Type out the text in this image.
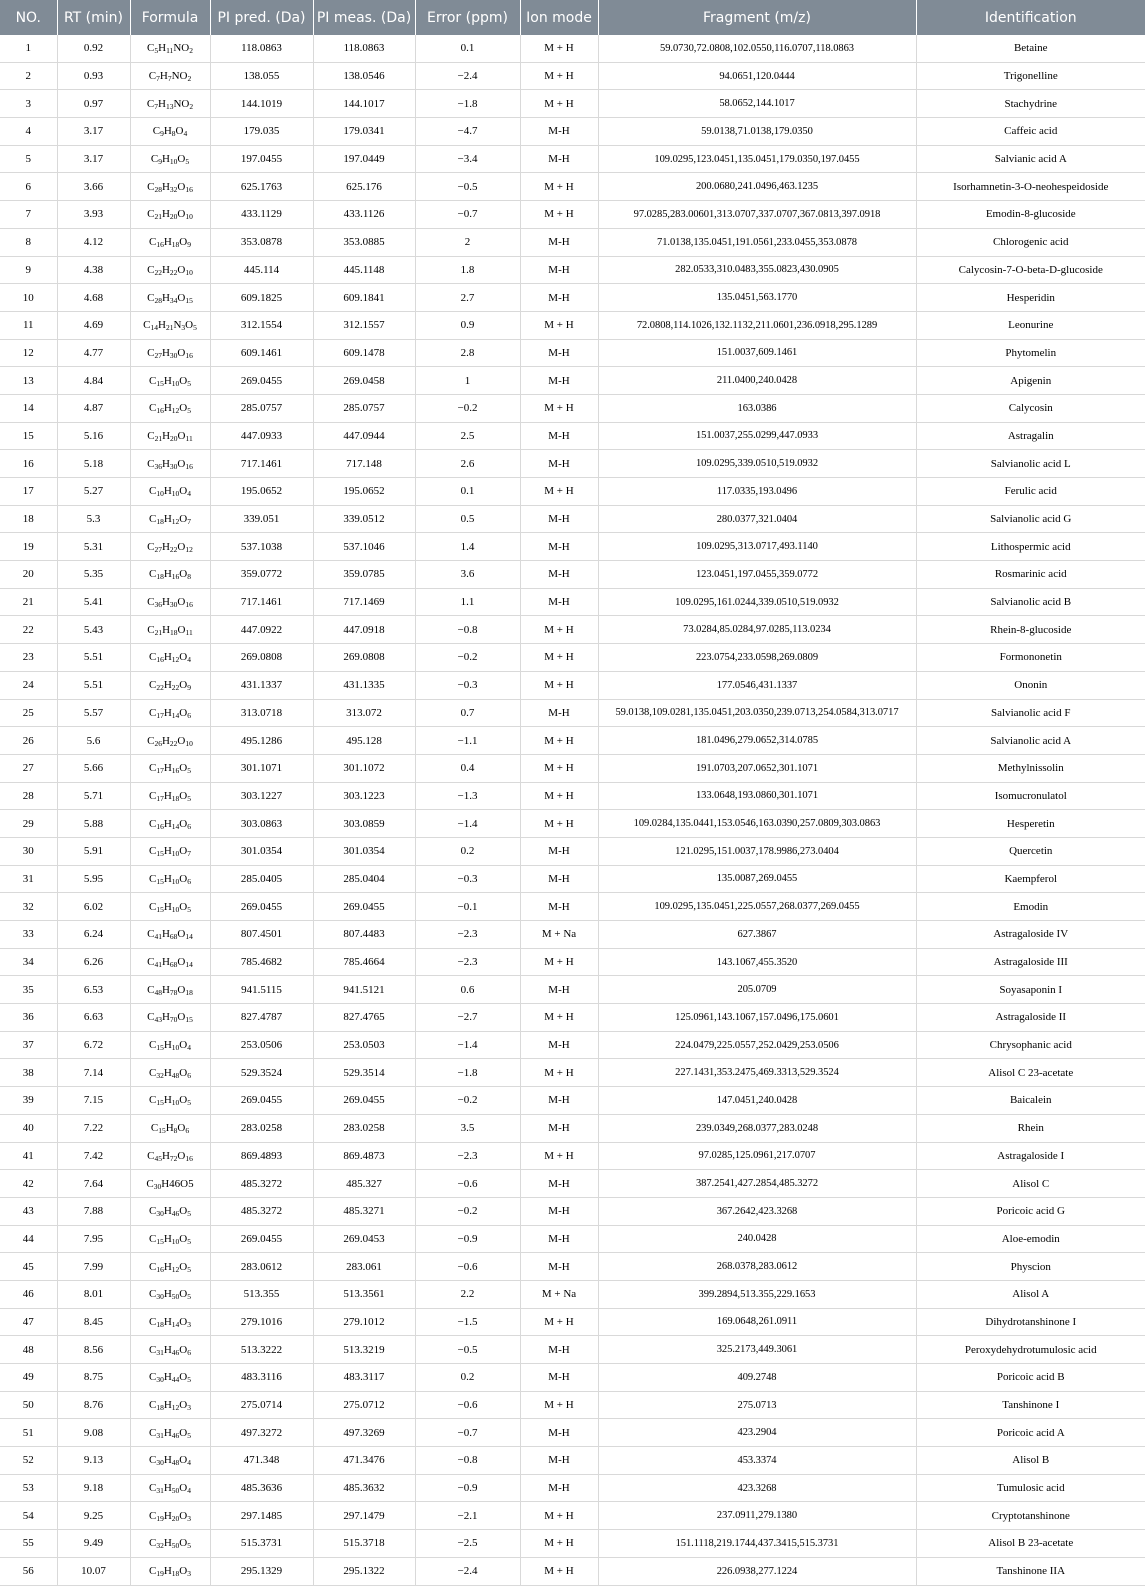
NO.	RT (min)	Formula	PI pred. (Da)	PI meas. (Da)	Error (ppm)	Ion mode	Fragment (m/z)	Identification
1	0.92	$C_5H_{11}NO_2$	118.0863	118.0863	0.1	M + H	59.0730,72.0808,102.0550,116.0707,118.0863	Betaine
2	0.93	$C_7H_7NO_2$	138.055	138.0546	−2.4	M + H	94.0651,120.0444	Trigonelline
3	0.97	$C_7H_{13}NO_2$	144.1019	144.1017	−1.8	M + H	58.0652,144.1017	Stachydrine
4	3.17	$C_9H_8O_4$	179.035	179.0341	−4.7	M-H	59.0138,71.0138,179.0350	Caffeic acid
5	3.17	$C_9H_{10}O_5$	197.0455	197.0449	−3.4	M-H	109.0295,123.0451,135.0451,179.0350,197.0455	Salvianic acid A
6	3.66	$C_{28}H_{32}O_{16}$	625.1763	625.176	−0.5	M + H	200.0680,241.0496,463.1235	Isorhamnetin-3-O-neohespeidoside
7	3.93	$C_{21}H_{20}O_{10}$	433.1129	433.1126	−0.7	M + H	97.0285,283.00601,313.0707,337.0707,367.0813,397.0918	Emodin-8-glucoside
8	4.12	$C_{16}H_{18}O_9$	353.0878	353.0885	2	M-H	71.0138,135.0451,191.0561,233.0455,353.0878	Chlorogenic acid
9	4.38	$C_{22}H_{22}O_{10}$	445.114	445.1148	1.8	M-H	282.0533,310.0483,355.0823,430.0905	Calycosin-7-O-beta-D-glucoside
10	4.68	$C_{28}H_{34}O_{15}$	609.1825	609.1841	2.7	M-H	135.0451,563.1770	Hesperidin
11	4.69	$C_{14}H_{21}N_3O_5$	312.1554	312.1557	0.9	M + H	72.0808,114.1026,132.1132,211.0601,236.0918,295.1289	Leonurine
12	4.77	$C_{27}H_{30}O_{16}$	609.1461	609.1478	2.8	M-H	151.0037,609.1461	Phytomelin
13	4.84	$C_{15}H_{10}O_5$	269.0455	269.0458	1	M-H	211.0400,240.0428	Apigenin
14	4.87	$C_{16}H_{12}O_5$	285.0757	285.0757	−0.2	M + H	163.0386	Calycosin
15	5.16	$C_{21}H_{20}O_{11}$	447.0933	447.0944	2.5	M-H	151.0037,255.0299,447.0933	Astragalin
16	5.18	$C_{36}H_{30}O_{16}$	717.1461	717.148	2.6	M-H	109.0295,339.0510,519.0932	Salvianolic acid L
17	5.27	$C_{10}H_{10}O_4$	195.0652	195.0652	0.1	M + H	117.0335,193.0496	Ferulic acid
18	5.3	$C_{18}H_{12}O_7$	339.051	339.0512	0.5	M-H	280.0377,321.0404	Salvianolic acid G
19	5.31	$C_{27}H_{22}O_{12}$	537.1038	537.1046	1.4	M-H	109.0295,313.0717,493.1140	Lithospermic acid
20	5.35	$C_{18}H_{16}O_8$	359.0772	359.0785	3.6	M-H	123.0451,197.0455,359.0772	Rosmarinic acid
21	5.41	$C_{36}H_{30}O_{16}$	717.1461	717.1469	1.1	M-H	109.0295,161.0244,339.0510,519.0932	Salvianolic acid B
22	5.43	$C_{21}H_{18}O_{11}$	447.0922	447.0918	−0.8	M + H	73.0284,85.0284,97.0285,113.0234	Rhein-8-glucoside
23	5.51	$C_{16}H_{12}O_4$	269.0808	269.0808	−0.2	M + H	223.0754,233.0598,269.0809	Formononetin
24	5.51	$C_{22}H_{22}O_9$	431.1337	431.1335	−0.3	M + H	177.0546,431.1337	Ononin
25	5.57	$C_{17}H_{14}O_6$	313.0718	313.072	0.7	M-H	59.0138,109.0281,135.0451,203.0350,239.0713,254.0584,313.0717	Salvianolic acid F
26	5.6	$C_{26}H_{22}O_{10}$	495.1286	495.128	−1.1	M + H	181.0496,279.0652,314.0785	Salvianolic acid A
27	5.66	$C_{17}H_{16}O_5$	301.1071	301.1072	0.4	M + H	191.0703,207.0652,301.1071	Methylnissolin
28	5.71	$C_{17}H_{18}O_5$	303.1227	303.1223	−1.3	M + H	133.0648,193.0860,301.1071	Isomucronulatol
29	5.88	$C_{16}H_{14}O_6$	303.0863	303.0859	−1.4	M + H	109.0284,135.0441,153.0546,163.0390,257.0809,303.0863	Hesperetin
30	5.91	$C_{15}H_{10}O_7$	301.0354	301.0354	0.2	M-H	121.0295,151.0037,178.9986,273.0404	Quercetin
31	5.95	$C_{15}H_{10}O_6$	285.0405	285.0404	−0.3	M-H	135.0087,269.0455	Kaempferol
32	6.02	$C_{15}H_{10}O_5$	269.0455	269.0455	−0.1	M-H	109.0295,135.0451,225.0557,268.0377,269.0455	Emodin
33	6.24	$C_{41}H_{68}O_{14}$	807.4501	807.4483	−2.3	M + Na	627.3867	Astragaloside IV
34	6.26	$C_{41}H_{68}O_{14}$	785.4682	785.4664	−2.3	M + H	143.1067,455.3520	Astragaloside III
35	6.53	$C_{48}H_{78}O_{18}$	941.5115	941.5121	0.6	M-H	205.0709	Soyasaponin I
36	6.63	$C_{43}H_{70}O_{15}$	827.4787	827.4765	−2.7	M + H	125.0961,143.1067,157.0496,175.0601	Astragaloside II
37	6.72	$C_{15}H_{10}O_4$	253.0506	253.0503	−1.4	M-H	224.0479,225.0557,252.0429,253.0506	Chrysophanic acid
38	7.14	$C_{32}H_{48}O_6$	529.3524	529.3514	−1.8	M + H	227.1431,353.2475,469.3313,529.3524	Alisol C 23-acetate
39	7.15	$C_{15}H_{10}O_5$	269.0455	269.0455	−0.2	M-H	147.0451,240.0428	Baicalein
40	7.22	$C_{15}H_8O_6$	283.0258	283.0258	3.5	M-H	239.0349,268.0377,283.0248	Rhein
41	7.42	$C_{45}H_{72}O_{16}$	869.4893	869.4873	−2.3	M + H	97.0285,125.0961,217.0707	Astragaloside I
42	7.64	$C_{30}H46O5$	485.3272	485.327	−0.6	M-H	387.2541,427.2854,485.3272	Alisol C
43	7.88	$C_{30}H_{46}O_5$	485.3272	485.3271	−0.2	M-H	367.2642,423.3268	Poricoic acid G
44	7.95	$C_{15}H_{10}O_5$	269.0455	269.0453	−0.9	M-H	240.0428	Aloe-emodin
45	7.99	$C_{16}H_{12}O_5$	283.0612	283.061	−0.6	M-H	268.0378,283.0612	Physcion
46	8.01	$C_{30}H_{50}O_5$	513.355	513.3561	2.2	M + Na	399.2894,513.355,229.1653	Alisol A
47	8.45	$C_{18}H_{14}O_3$	279.1016	279.1012	−1.5	M + H	169.0648,261.0911	Dihydrotanshinone I
48	8.56	$C_{31}H_{46}O_6$	513.3222	513.3219	−0.5	M-H	325.2173,449.3061	Peroxydehydrotumulosic acid
49	8.75	$C_{30}H_{44}O_5$	483.3116	483.3117	0.2	M-H	409.2748	Poricoic acid B
50	8.76	$C_{18}H_{12}O_3$	275.0714	275.0712	−0.6	M + H	275.0713	Tanshinone I
51	9.08	$C_{31}H_{46}O_5$	497.3272	497.3269	−0.7	M-H	423.2904	Poricoic acid A
52	9.13	$C_{30}H_{48}O_4$	471.348	471.3476	−0.8	M-H	453.3374	Alisol B
53	9.18	$C_{31}H_{50}O_4$	485.3636	485.3632	−0.9	M-H	423.3268	Tumulosic acid
54	9.25	$C_{19}H_{20}O_3$	297.1485	297.1479	−2.1	M + H	237.0911,279.1380	Cryptotanshinone
55	9.49	$C_{32}H_{50}O_5$	515.3731	515.3718	−2.5	M + H	151.1118,219.1744,437.3415,515.3731	Alisol B 23-acetate
56	10.07	$C_{19}H_{18}O_3$	295.1329	295.1322	−2.4	M + H	226.0938,277.1224	Tanshinone IIA
